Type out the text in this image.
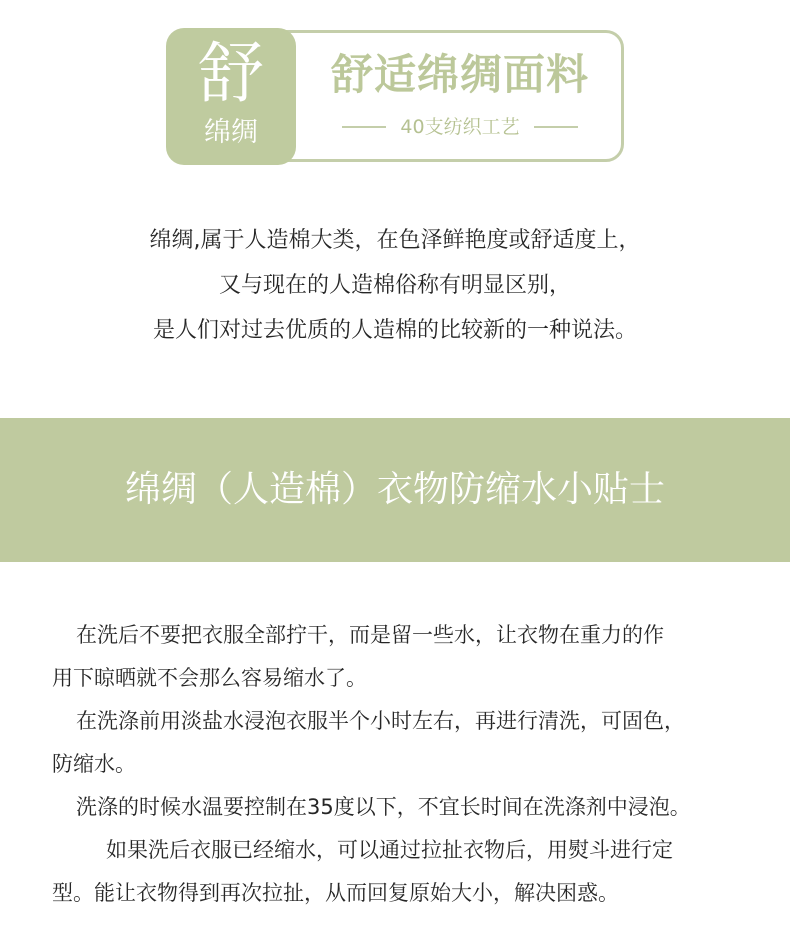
舒
绵绸
舒适绵绸面料
40支纺织工艺
绵绸,属于人造棉大类，在色泽鲜艳度或舒适度上，
又与现在的人造棉俗称有明显区别，
是人们对过去优质的人造棉的比较新的一种说法。
绵绸（人造棉）衣物防缩水小贴士
在洗后不要把衣服全部拧干，而是留一些水，让衣物在重力的作
用下晾晒就不会那么容易缩水了。
在洗涤前用淡盐水浸泡衣服半个小时左右，再进行清洗，可固色，
防缩水。
洗涤的时候水温要控制在35度以下，不宜长时间在洗涤剂中浸泡。
如果洗后衣服已经缩水，可以通过拉扯衣物后，用熨斗进行定
型。能让衣物得到再次拉扯，从而回复原始大小，解决困惑。
